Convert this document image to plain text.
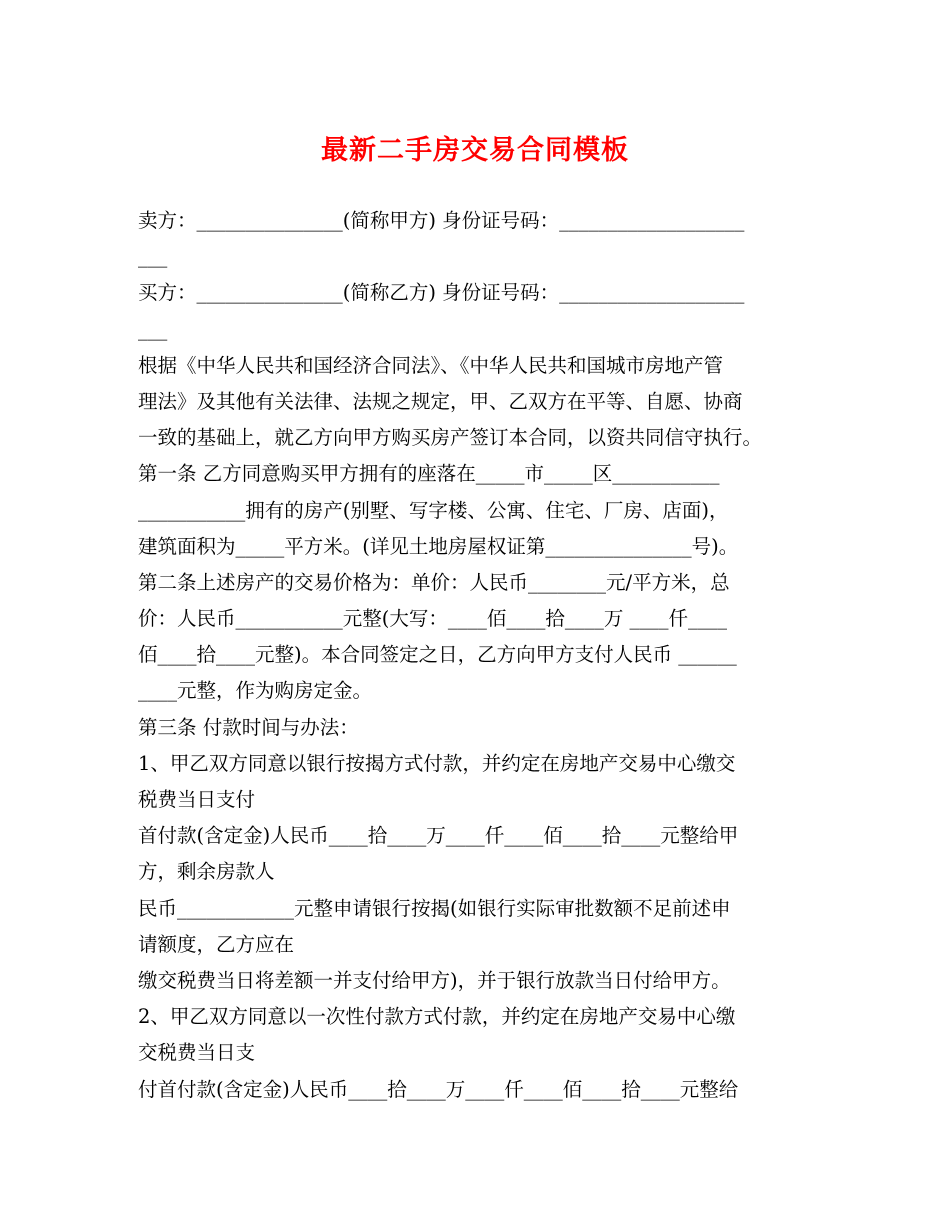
最新二手房交易合同模板
卖方：_______________(简称甲方) 身份证号码：___________________
___
买方：_______________(简称乙方) 身份证号码：___________________
___
根据《中华人民共和国经济合同法》、《中华人民共和国城市房地产管
理法》及其他有关法律、法规之规定，甲、乙双方在平等、自愿、协商
一致的基础上，就乙方向甲方购买房产签订本合同，以资共同信守执行。
第一条 乙方同意购买甲方拥有的座落在_____市_____区___________
___________拥有的房产(别墅、写字楼、公寓、住宅、厂房、店面)，
建筑面积为_____平方米。(详见土地房屋权证第_______________号)。
第二条上述房产的交易价格为：单价：人民币________元/平方米，总
价：人民币___________元整(大写：____佰____拾____万 ____仟____
佰____拾____元整)。本合同签定之日，乙方向甲方支付人民币 ______
____元整，作为购房定金。
第三条 付款时间与办法：
1、甲乙双方同意以银行按揭方式付款，并约定在房地产交易中心缴交
税费当日支付
首付款(含定金)人民币____拾____万____仟____佰____拾____元整给甲
方，剩余房款人
民币____________元整申请银行按揭(如银行实际审批数额不足前述申
请额度，乙方应在
缴交税费当日将差额一并支付给甲方)，并于银行放款当日付给甲方。
2、甲乙双方同意以一次性付款方式付款，并约定在房地产交易中心缴
交税费当日支
付首付款(含定金)人民币____拾____万____仟____佰____拾____元整给
